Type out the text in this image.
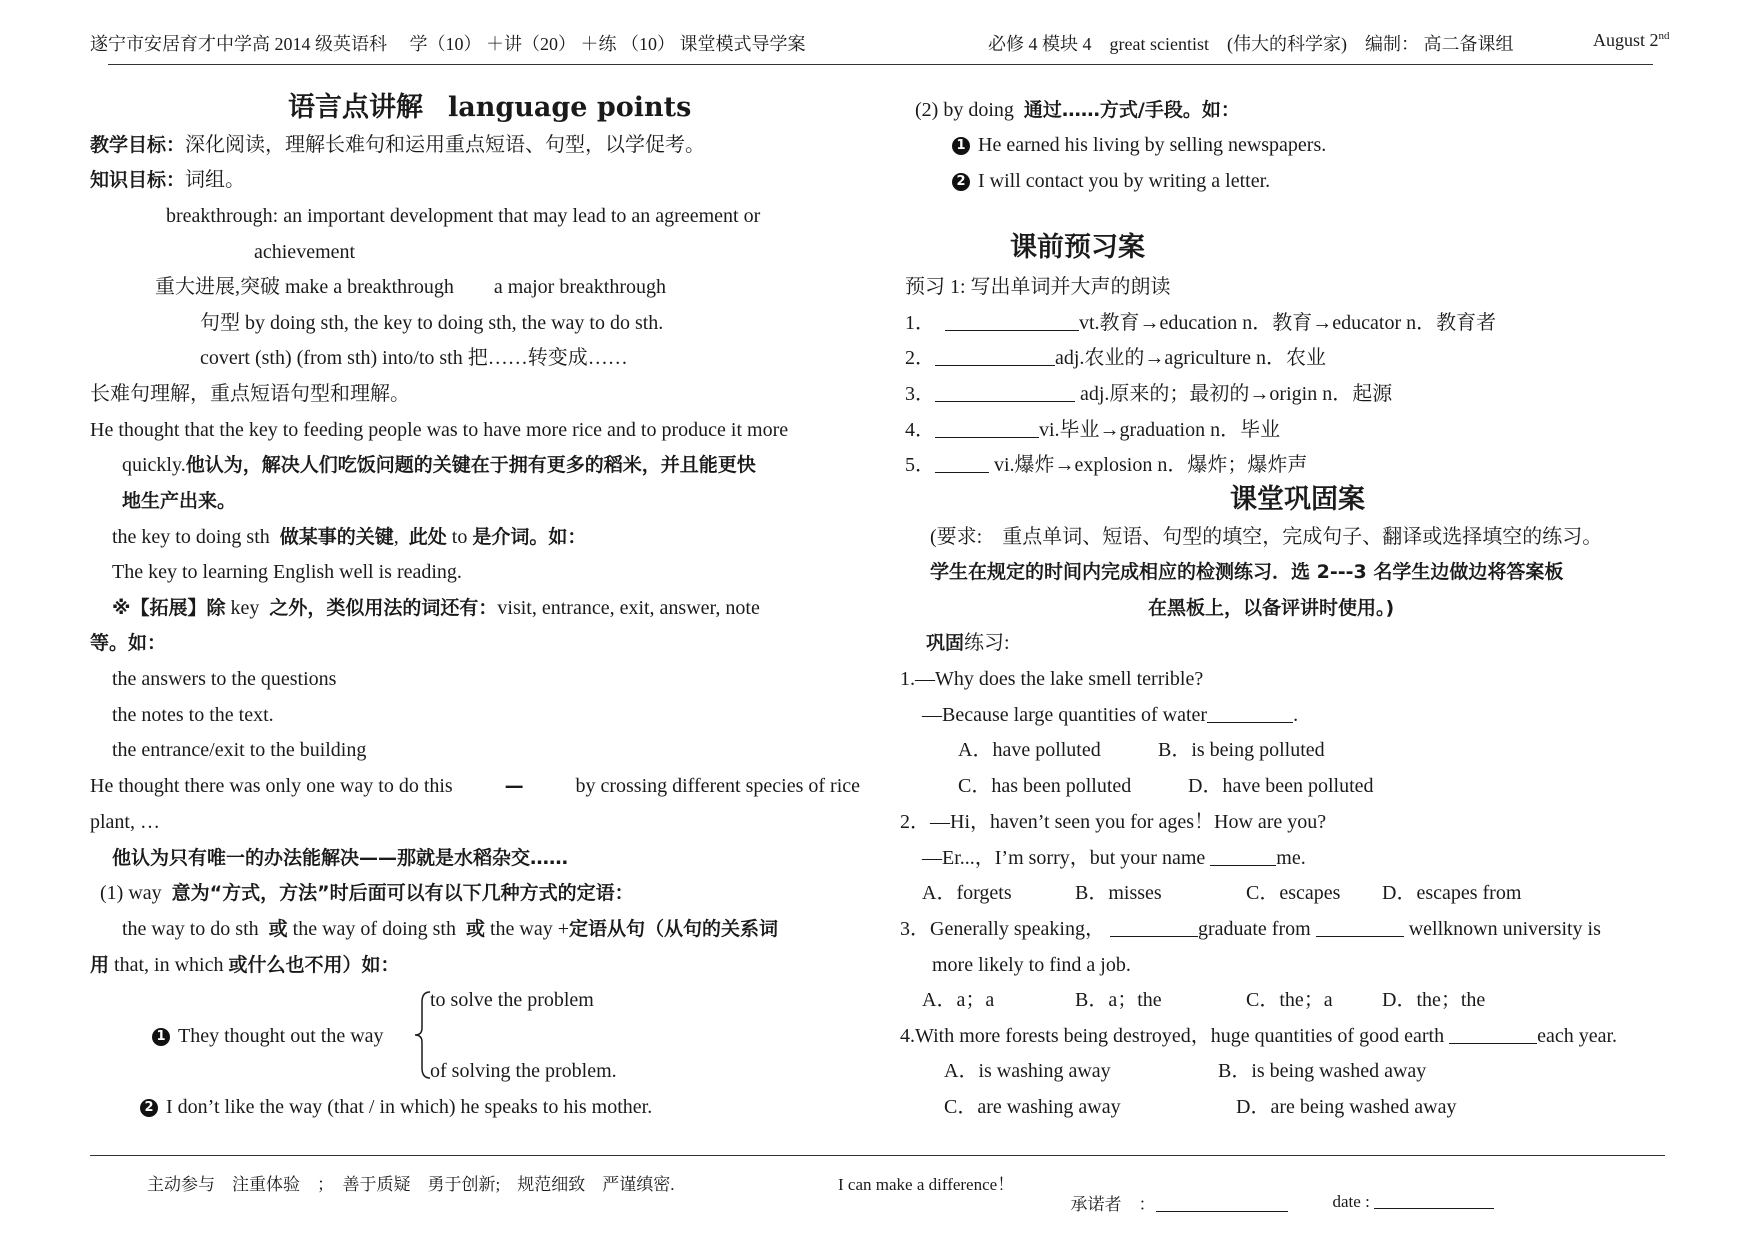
遂宁市安居育才中学高 2014 级英语科　 学（10） ＋讲（20） ＋练 （10） 课堂模式导学案	必修 4 模块 4　great scientist　(伟大的科学家)　编制： 高二备课组	August 2nd
语言点讲解 language points
教学目标：深化阅读，理解长难句和运用重点短语、句型，以学促考。
知识目标：词组。
breakthrough: an important development that may lead to an agreement or
achievement
重大进展,突破 make a breakthrough　　a major breakthrough
句型 by doing sth, the key to doing sth, the way to do sth.
covert (sth) (from sth) into/to sth 把……转变成……
长难句理解，重点短语句型和理解。
He thought that the key to feeding people was to have more rice and to produce it more
quickly.他认为，解决人们吃饭问题的关键在于拥有更多的稻米，并且能更快
地生产出来。
the key to doing sth 做某事的关键,  此处 to 是介词。如：
The key to learning English well is reading.
※【拓展】除 key 之外，类似用法的词还有：visit, entrance, exit, answer, note
等。如：
the answers to the questions
the notes to the text.
the entrance/exit to the building
He thought there was only one way to do this	—	by crossing different species of rice
plant, …
他认为只有唯一的办法能解决——那就是水稻杂交……
(1) way 意为“方式，方法”时后面可以有以下几种方式的定语：
the way to do sth 或 the way of doing sth 或 the way +定语从句（从句的关系词
用 that, in which 或什么也不用）如：
to solve the problem
1 They thought out the way
of solving the problem.
2 I don’t like the way (that / in which) he speaks to his mother.
(2) by doing 通过……方式/手段。如：
1 He earned his living by selling newspapers.
2 I will contact you by writing a letter.
课前预习案
预习 1: 写出单词并大声的朗读
1．	vt.教育→education n．教育→educator n．教育者
2．	adj.农业的→agriculture n．农业
3．	adj.原来的；最初的→origin n．起源
4．	vi.毕业→graduation n．毕业
5．	vi.爆炸→explosion n．爆炸；爆炸声
课堂巩固案
(要求:　重点单词、短语、句型的填空，完成句子、翻译或选择填空的练习。
学生在规定的时间内完成相应的检测练习．选 2---3 名学生边做边将答案板
在黑板上，以备评讲时使用。)
巩固练习:
1.—Why does the lake smell terrible?
—Because large quantities of water	.
A．have polluted	B．is being polluted
C．has been polluted	D．have been polluted
2．—Hi，haven’t seen you for ages！How are you?
—Er...，I’m sorry，but your name	me.
A．forgets	B．misses	C．escapes D．escapes from
3．Generally speaking，	graduate from	wellknown university is
more likely to find a job.
A．a；a	B．a；the	C．the；a D．the；the
4.With more forests being destroyed，huge quantities of good earth	each year.
A．is washing away	B．is being washed away
C．are washing away	D．are being washed away
主动参与　注重体验　；　善于质疑　勇于创新;　规范细致　严谨缜密.	I can make a difference！

承诺者　：	date :
